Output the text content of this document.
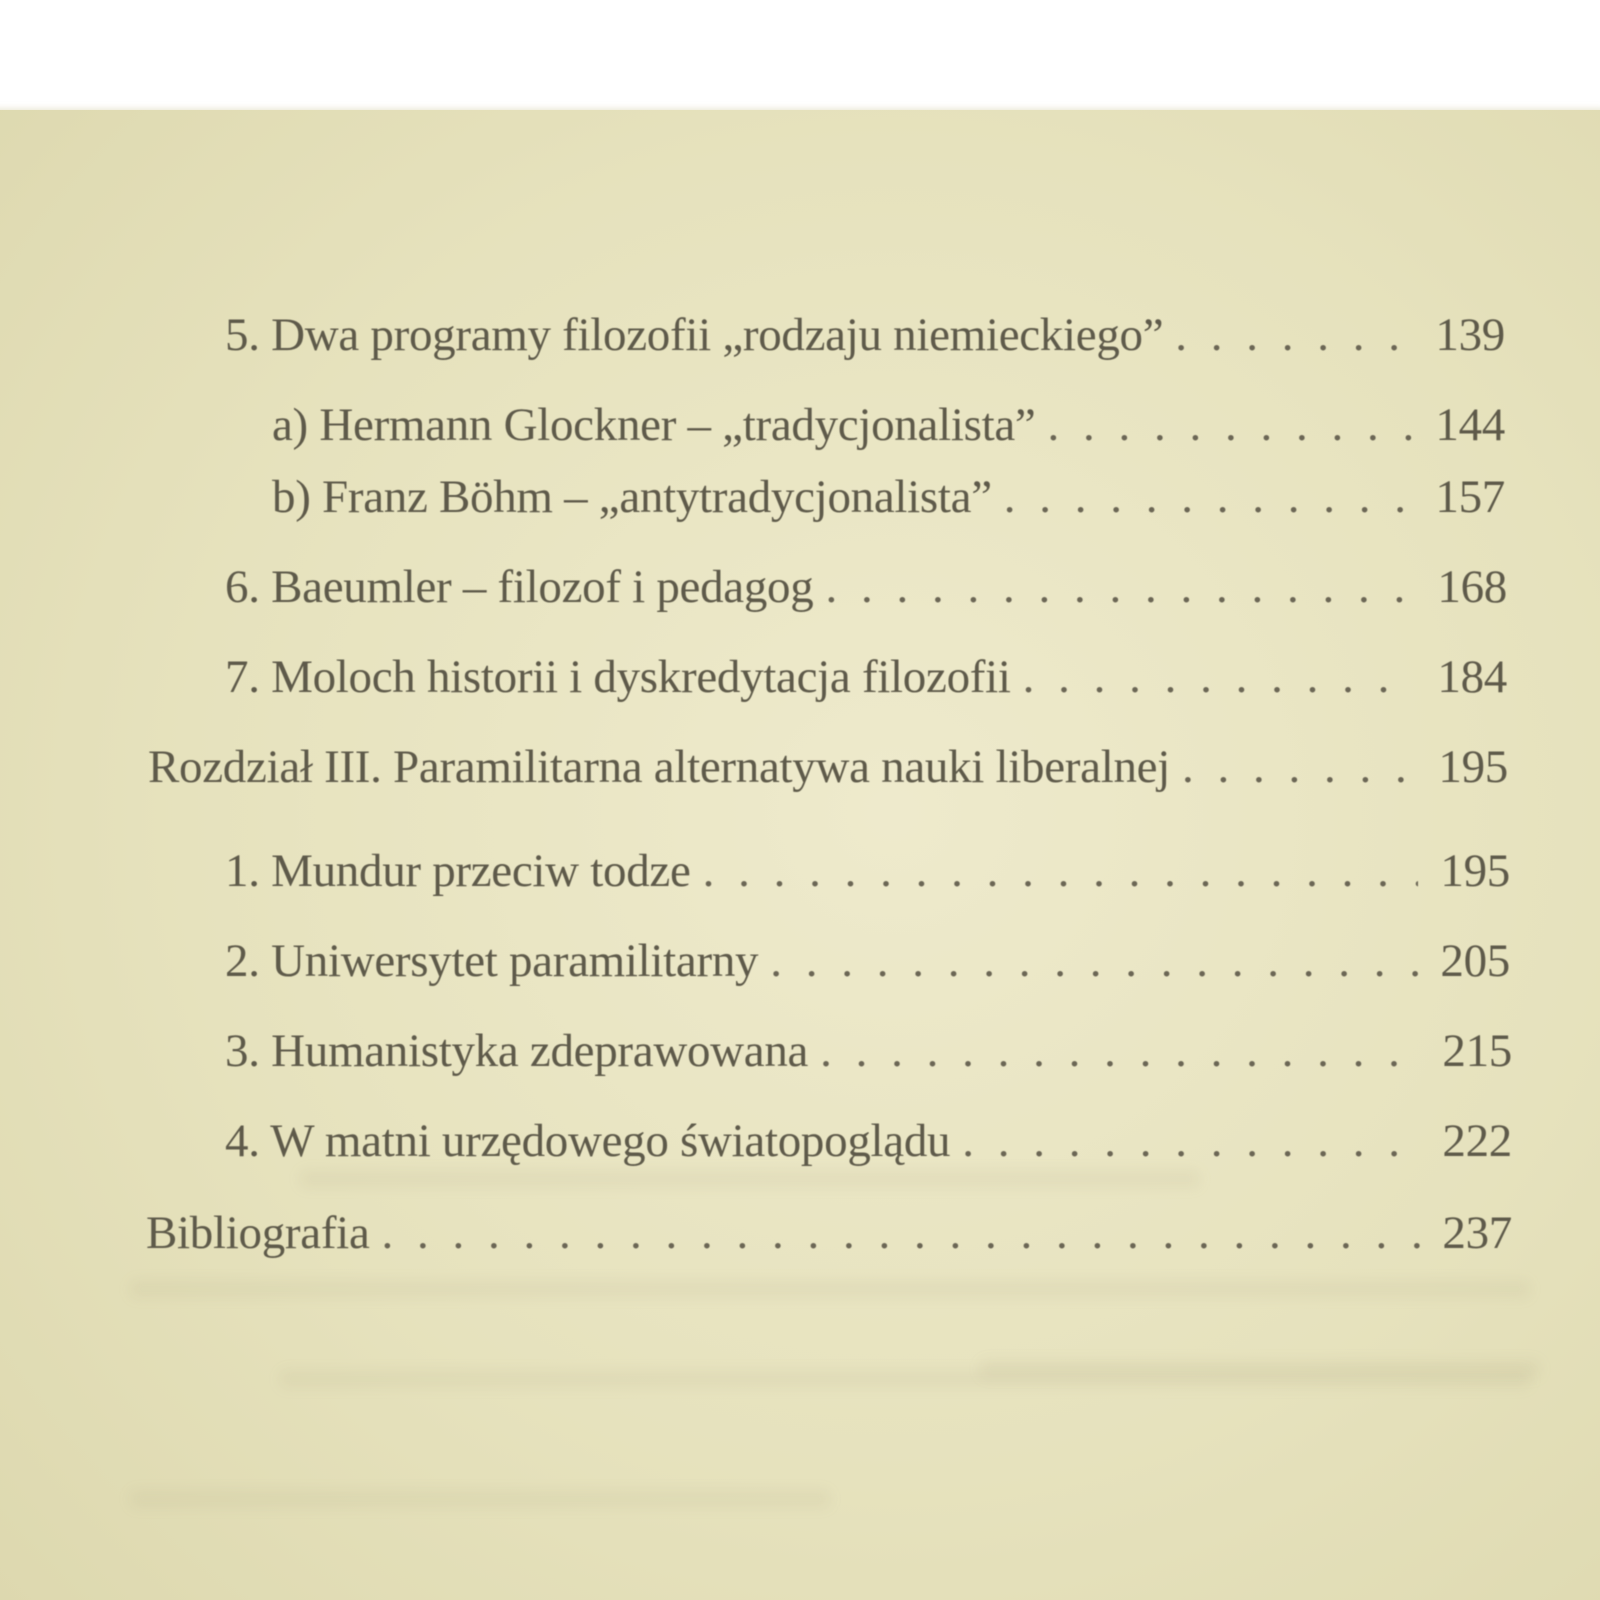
5. Dwa programy filozofii „rodzaju niemieckiego” . . .	139
a) Hermann Glockner – „tradycjonalista” . . .	144
b) Franz Böhm – „antytradycjonalista” . . .	157
6. Baeumler – filozof i pedagog . . .	168
7. Moloch historii i dyskredytacja filozofii . . .	184
Rozdział III. Paramilitarna alternatywa nauki liberalnej . . .	195
1. Mundur przeciw todze . . .	195
2. Uniwersytet paramilitarny . . .	205
3. Humanistyka zdeprawowana . . .	215
4. W matni urzędowego światopoglądu . . .	222
Bibliografia . . .	237
